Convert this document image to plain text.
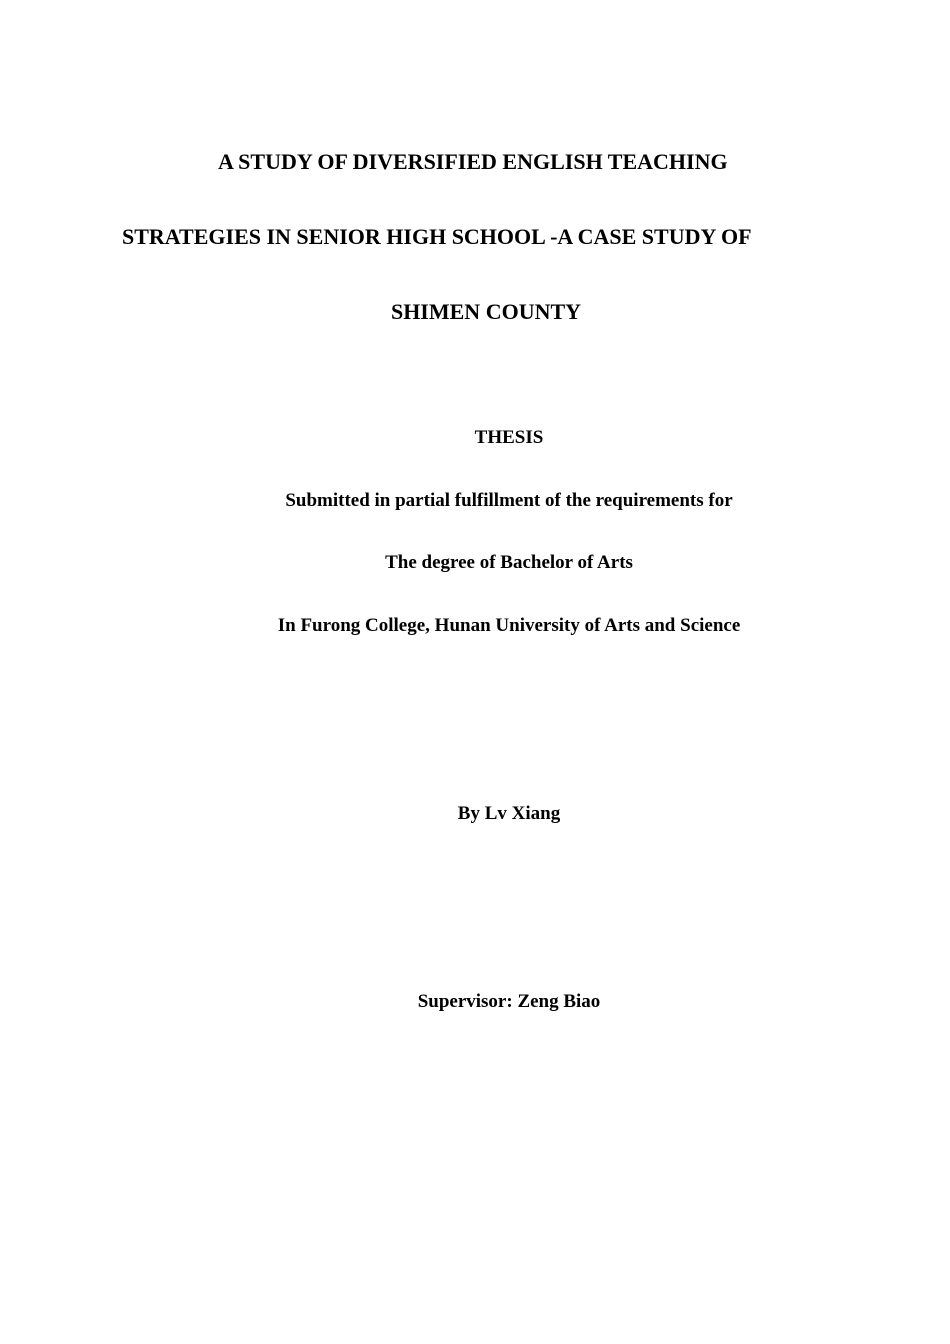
A STUDY OF DIVERSIFIED ENGLISH TEACHING
STRATEGIES IN SENIOR HIGH SCHOOL -A CASE STUDY OF
SHIMEN COUNTY
THESIS
Submitted in partial fulfillment of the requirements for
The degree of Bachelor of Arts
In Furong College, Hunan University of Arts and Science
By Lv Xiang
Supervisor: Zeng Biao
